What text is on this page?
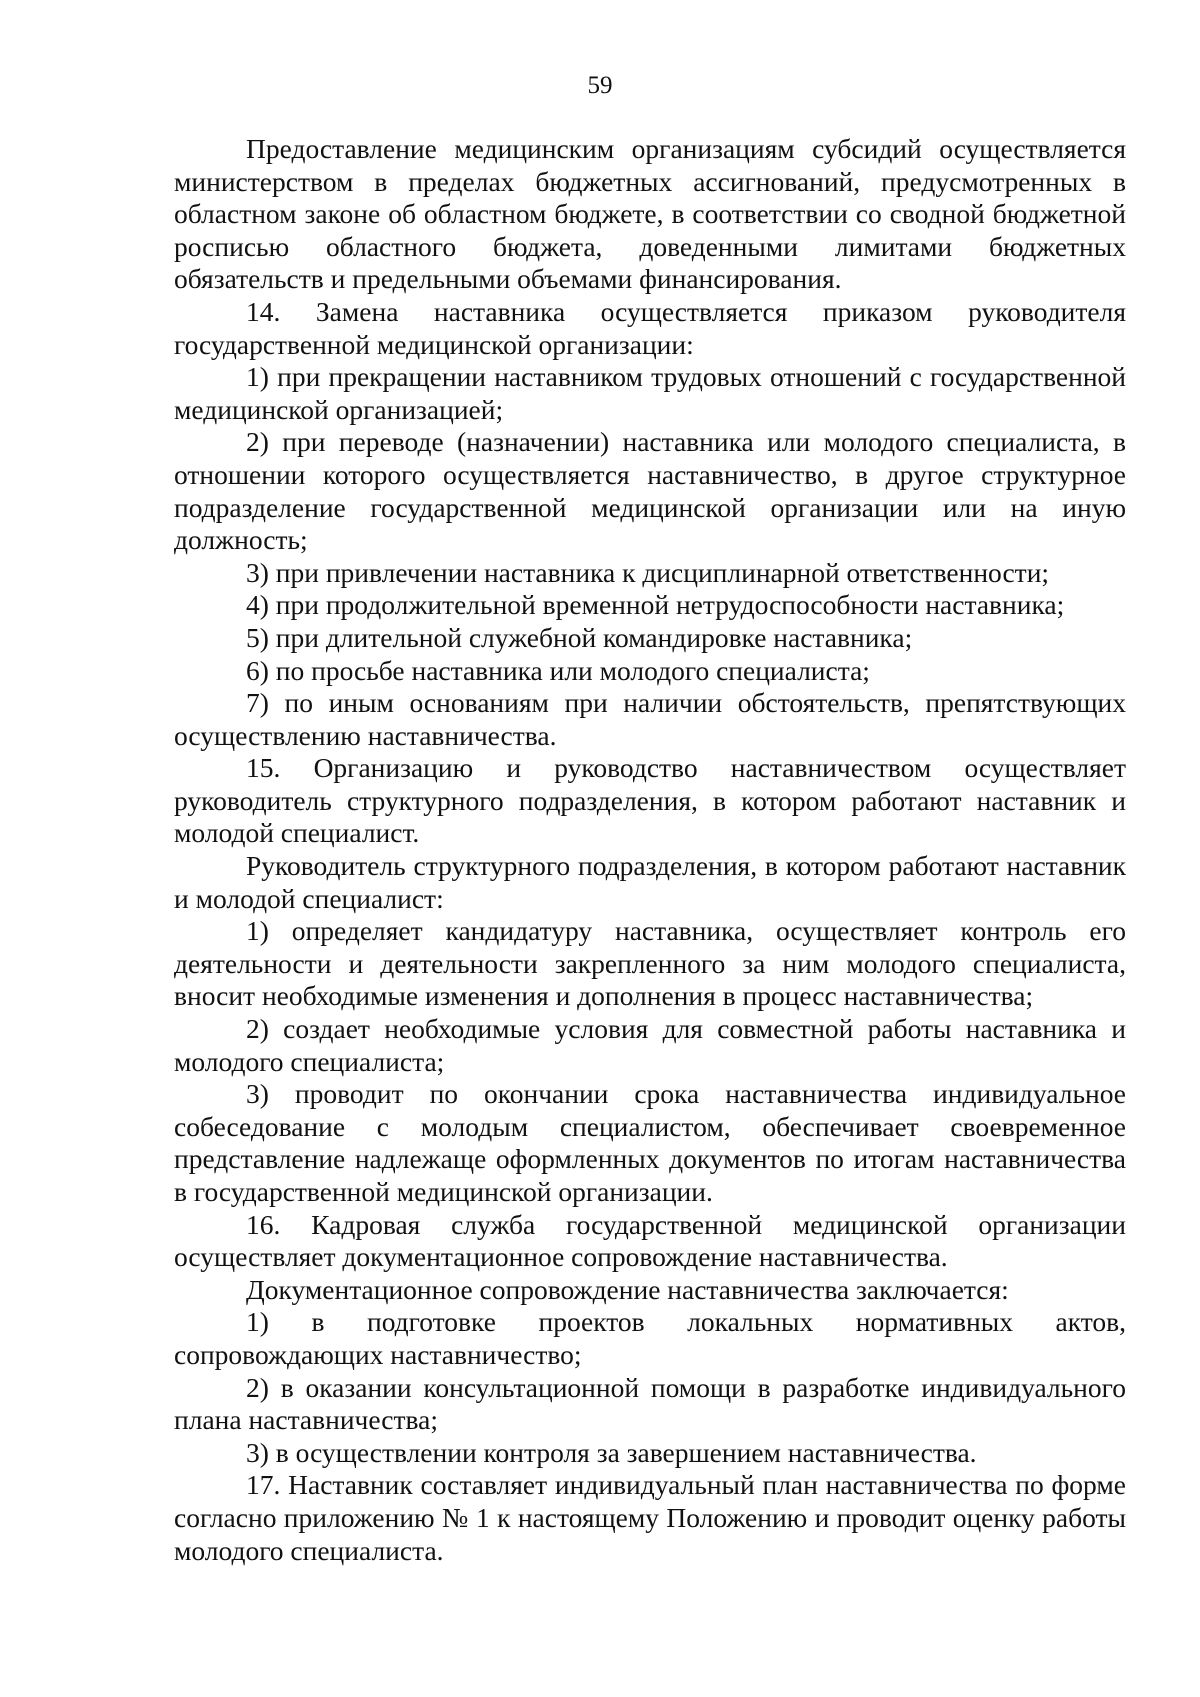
59

Предоставление медицинским организациям субсидий осуществляется министерством в пределах бюджетных ассигнований, предусмотренных в областном законе об областном бюджете, в соответствии со сводной бюджетной росписью областного бюджета, доведенными лимитами бюджетных обязательств и предельными объемами финансирования.

14. Замена наставника осуществляется приказом руководителя государственной медицинской организации:

1) при прекращении наставником трудовых отношений с государственной медицинской организацией;

2) при переводе (назначении) наставника или молодого специалиста, в отношении которого осуществляется наставничество, в другое структурное подразделение государственной медицинской организации или на иную должность;

3) при привлечении наставника к дисциплинарной ответственности;

4) при продолжительной временной нетрудоспособности наставника;

5) при длительной служебной командировке наставника;

6) по просьбе наставника или молодого специалиста;

7) по иным основаниям при наличии обстоятельств, препятствующих осуществлению наставничества.

15. Организацию и руководство наставничеством осуществляет руководитель структурного подразделения, в котором работают наставник и молодой специалист.

Руководитель структурного подразделения, в котором работают наставник и молодой специалист:

1) определяет кандидатуру наставника, осуществляет контроль его деятельности и деятельности закрепленного за ним молодого специалиста, вносит необходимые изменения и дополнения в процесс наставничества;

2) создает необходимые условия для совместной работы наставника и молодого специалиста;

3) проводит по окончании срока наставничества индивидуальное собеседование с молодым специалистом, обеспечивает своевременное представление надлежаще оформленных документов по итогам наставничества в государственной медицинской организации.

16. Кадровая служба государственной медицинской организации осуществляет документационное сопровождение наставничества.

Документационное сопровождение наставничества заключается:

1) в подготовке проектов локальных нормативных актов, сопровождающих наставничество;

2) в оказании консультационной помощи в разработке индивидуального плана наставничества;

3) в осуществлении контроля за завершением наставничества.

17. Наставник составляет индивидуальный план наставничества по форме согласно приложению № 1 к настоящему Положению и проводит оценку работы молодого специалиста.
